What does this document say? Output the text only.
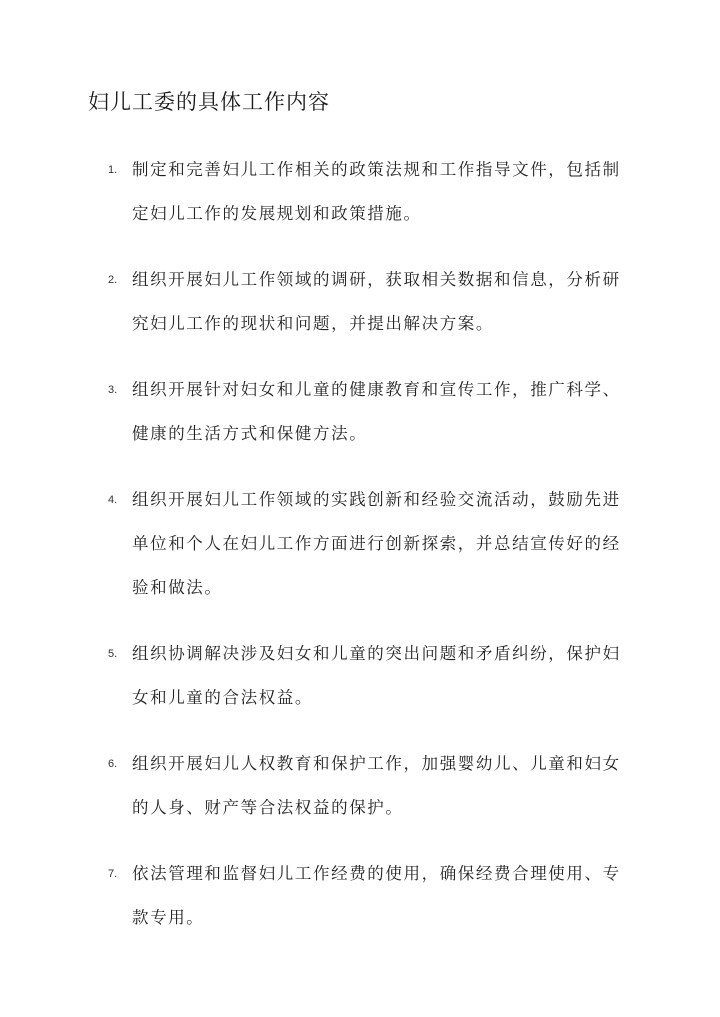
妇儿工委的具体工作内容
1. 制定和完善妇儿工作相关的政策法规和工作指导文件，包括制定妇儿工作的发展规划和政策措施。
2. 组织开展妇儿工作领域的调研，获取相关数据和信息，分析研究妇儿工作的现状和问题，并提出解决方案。
3. 组织开展针对妇女和儿童的健康教育和宣传工作，推广科学、健康的生活方式和保健方法。
4. 组织开展妇儿工作领域的实践创新和经验交流活动，鼓励先进单位和个人在妇儿工作方面进行创新探索，并总结宣传好的经验和做法。
5. 组织协调解决涉及妇女和儿童的突出问题和矛盾纠纷，保护妇女和儿童的合法权益。
6. 组织开展妇儿人权教育和保护工作，加强婴幼儿、儿童和妇女的人身、财产等合法权益的保护。
7. 依法管理和监督妇儿工作经费的使用，确保经费合理使用、专款专用。
